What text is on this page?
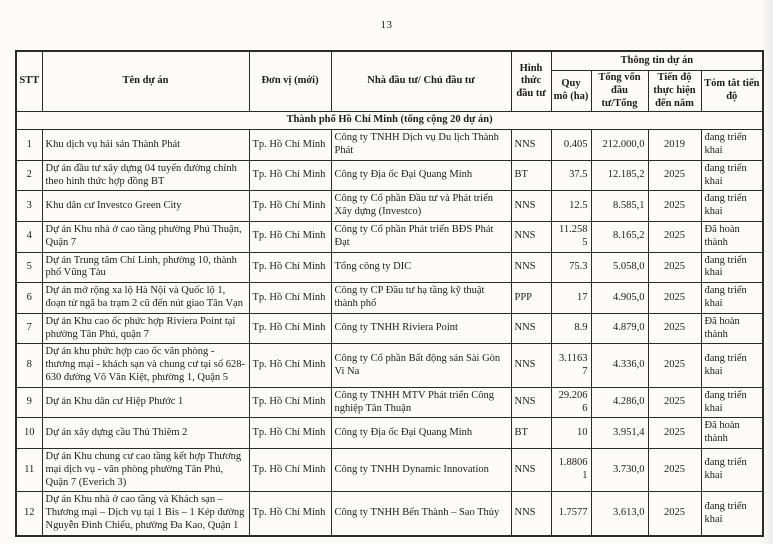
13
STT	Tên dự án	Đơn vị (mới)	Nhà đầu tư/ Chủ đầu tư	Hình thức đầu tư	Thông tin dự án			
					Quy mô (ha)	Tổng vốn đầu tư/Tổng	Tiến độ thực hiện đến năm	Tóm tắt tiến độ
Thành phố Hồ Chí Minh (tổng cộng 20 dự án)								
1	Khu dịch vụ hải sản Thành Phát	Tp. Hồ Chí Minh	Công ty TNHH Dịch vụ Du lịch Thành Phát	NNS	0.405	212.000,0	2019	đang triển khai
2	Dự án đầu tư xây dựng 04 tuyến đường chính theo hình thức hợp đồng BT	Tp. Hồ Chí Minh	Công ty Địa ốc Đại Quang Minh	BT	37.5	12.185,2	2025	đang triển khai
3	Khu dân cư Investco Green City	Tp. Hồ Chí Minh	Công ty Cổ phần Đầu tư và Phát triển Xây dựng (Investco)	NNS	12.5	8.585,1	2025	đang triển khai
4	Dự án Khu nhà ở cao tầng phường Phú Thuận, Quận 7	Tp. Hồ Chí Minh	Công ty Cổ phần Phát triển BĐS Phát Đạt	NNS	11.2585	8.165,2	2025	Đã hoàn thành
5	Dự án Trung tâm Chí Linh, phường 10, thành phố Vũng Tàu	Tp. Hồ Chí Minh	Tổng công ty DIC	NNS	75.3	5.058,0	2025	đang triển khai
6	Dự án mở rộng xa lộ Hà Nội và Quốc lộ 1, đoạn từ ngã ba trạm 2 cũ đến nút giao Tân Vạn	Tp. Hồ Chí Minh	Công ty CP Đầu tư hạ tầng kỹ thuật thành phố	PPP	17	4.905,0	2025	đang triển khai
7	Dự án Khu cao ốc phức hợp Riviera Point tại phường Tân Phú, quận 7	Tp. Hồ Chí Minh	Công ty TNHH Riviera Point	NNS	8.9	4.879,0	2025	Đã hoàn thành
8	Dự án khu phức hợp cao ốc văn phòng - thương mại - khách sạn và chung cư tại số 628-630 đường Võ Văn Kiệt, phường 1, Quận 5	Tp. Hồ Chí Minh	Công ty Cổ phần Bất động sản Sài Gòn Vi Na	NNS	3.11637	4.336,0	2025	đang triển khai
9	Dự án Khu dân cư Hiệp Phước 1	Tp. Hồ Chí Minh	Công ty TNHH MTV Phát triển Công nghiệp Tân Thuận	NNS	29.2066	4.286,0	2025	đang triển khai
10	Dự án xây dựng cầu Thủ Thiêm 2	Tp. Hồ Chí Minh	Công ty Địa ốc Đại Quang Minh	BT	10	3.951,4	2025	Đã hoàn thành
11	Dự án Khu chung cư cao tầng kết hợp Thương mại dịch vụ - văn phòng phường Tân Phú, Quận 7 (Everich 3)	Tp. Hồ Chí Minh	Công ty TNHH Dynamic Innovation	NNS	1.88061	3.730,0	2025	đang triển khai
12	Dự án Khu nhà ở cao tầng và Khách sạn – Thương mại – Dịch vụ tại 1 Bis – 1 Kép đường Nguyễn Đình Chiểu, phường Đa Kao, Quận 1	Tp. Hồ Chí Minh	Công ty TNHH Bến Thành – Sao Thủy	NNS	1.7577	3.613,0	2025	đang triển khai
